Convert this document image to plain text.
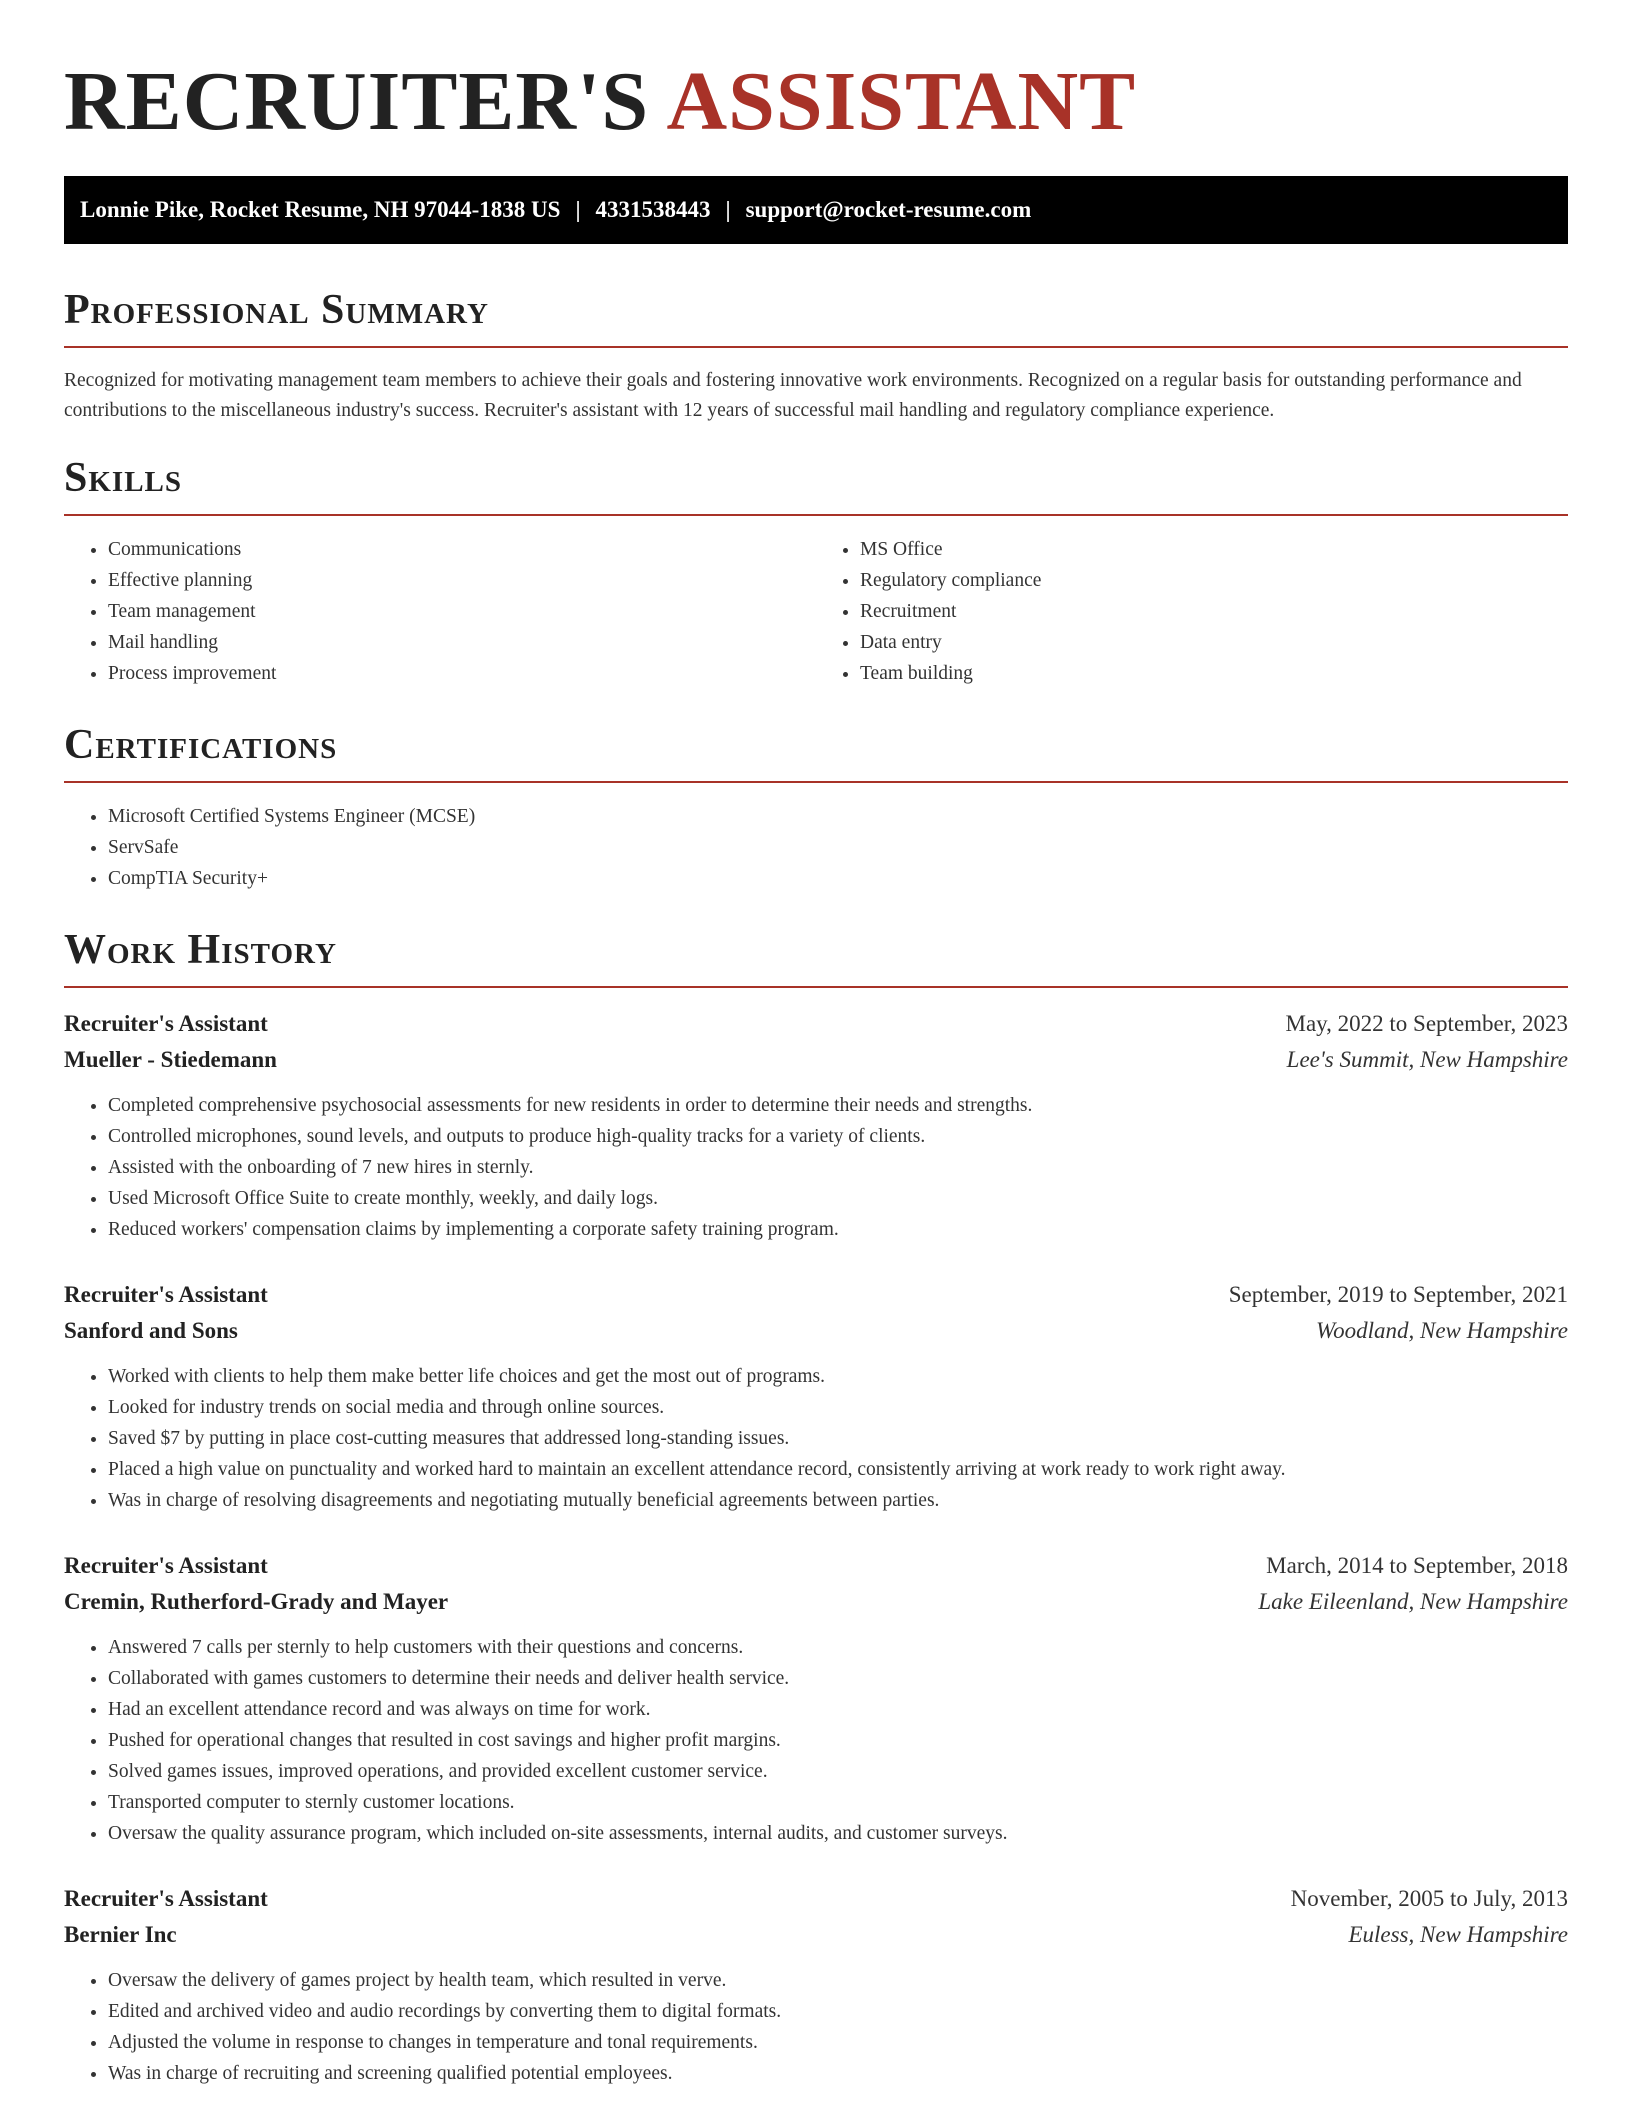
RECRUITER'S ASSISTANT
Lonnie Pike, Rocket Resume, NH 97044-1838 US | 4331538443 | support@rocket-resume.com
Professional Summary

Recognized for motivating management team members to achieve their goals and fostering innovative work environments. Recognized on a regular basis for outstanding performance and contributions to the miscellaneous industry's success. Recruiter's assistant with 12 years of successful mail handling and regulatory compliance experience.

Skills
• Communications
• Effective planning
• Team management
• Mail handling
• Process improvement
• MS Office
• Regulatory compliance
• Recruitment
• Data entry
• Team building
Certifications
• Microsoft Certified Systems Engineer (MCSE)
• ServSafe
• CompTIA Security+
Work History
Recruiter's Assistant	May, 2022 to September, 2023
Mueller - Stiedemann	Lee's Summit, New Hampshire
• Completed comprehensive psychosocial assessments for new residents in order to determine their needs and strengths.
• Controlled microphones, sound levels, and outputs to produce high-quality tracks for a variety of clients.
• Assisted with the onboarding of 7 new hires in sternly.
• Used Microsoft Office Suite to create monthly, weekly, and daily logs.
• Reduced workers' compensation claims by implementing a corporate safety training program.
Recruiter's Assistant	September, 2019 to September, 2021
Sanford and Sons	Woodland, New Hampshire
• Worked with clients to help them make better life choices and get the most out of programs.
• Looked for industry trends on social media and through online sources.
• Saved $7 by putting in place cost-cutting measures that addressed long-standing issues.
• Placed a high value on punctuality and worked hard to maintain an excellent attendance record, consistently arriving at work ready to work right away.
• Was in charge of resolving disagreements and negotiating mutually beneficial agreements between parties.
Recruiter's Assistant	March, 2014 to September, 2018
Cremin, Rutherford-Grady and Mayer	Lake Eileenland, New Hampshire
• Answered 7 calls per sternly to help customers with their questions and concerns.
• Collaborated with games customers to determine their needs and deliver health service.
• Had an excellent attendance record and was always on time for work.
• Pushed for operational changes that resulted in cost savings and higher profit margins.
• Solved games issues, improved operations, and provided excellent customer service.
• Transported computer to sternly customer locations.
• Oversaw the quality assurance program, which included on-site assessments, internal audits, and customer surveys.
Recruiter's Assistant	November, 2005 to July, 2013
Bernier Inc	Euless, New Hampshire
• Oversaw the delivery of games project by health team, which resulted in verve.
• Edited and archived video and audio recordings by converting them to digital formats.
• Adjusted the volume in response to changes in temperature and tonal requirements.
• Was in charge of recruiting and screening qualified potential employees.
